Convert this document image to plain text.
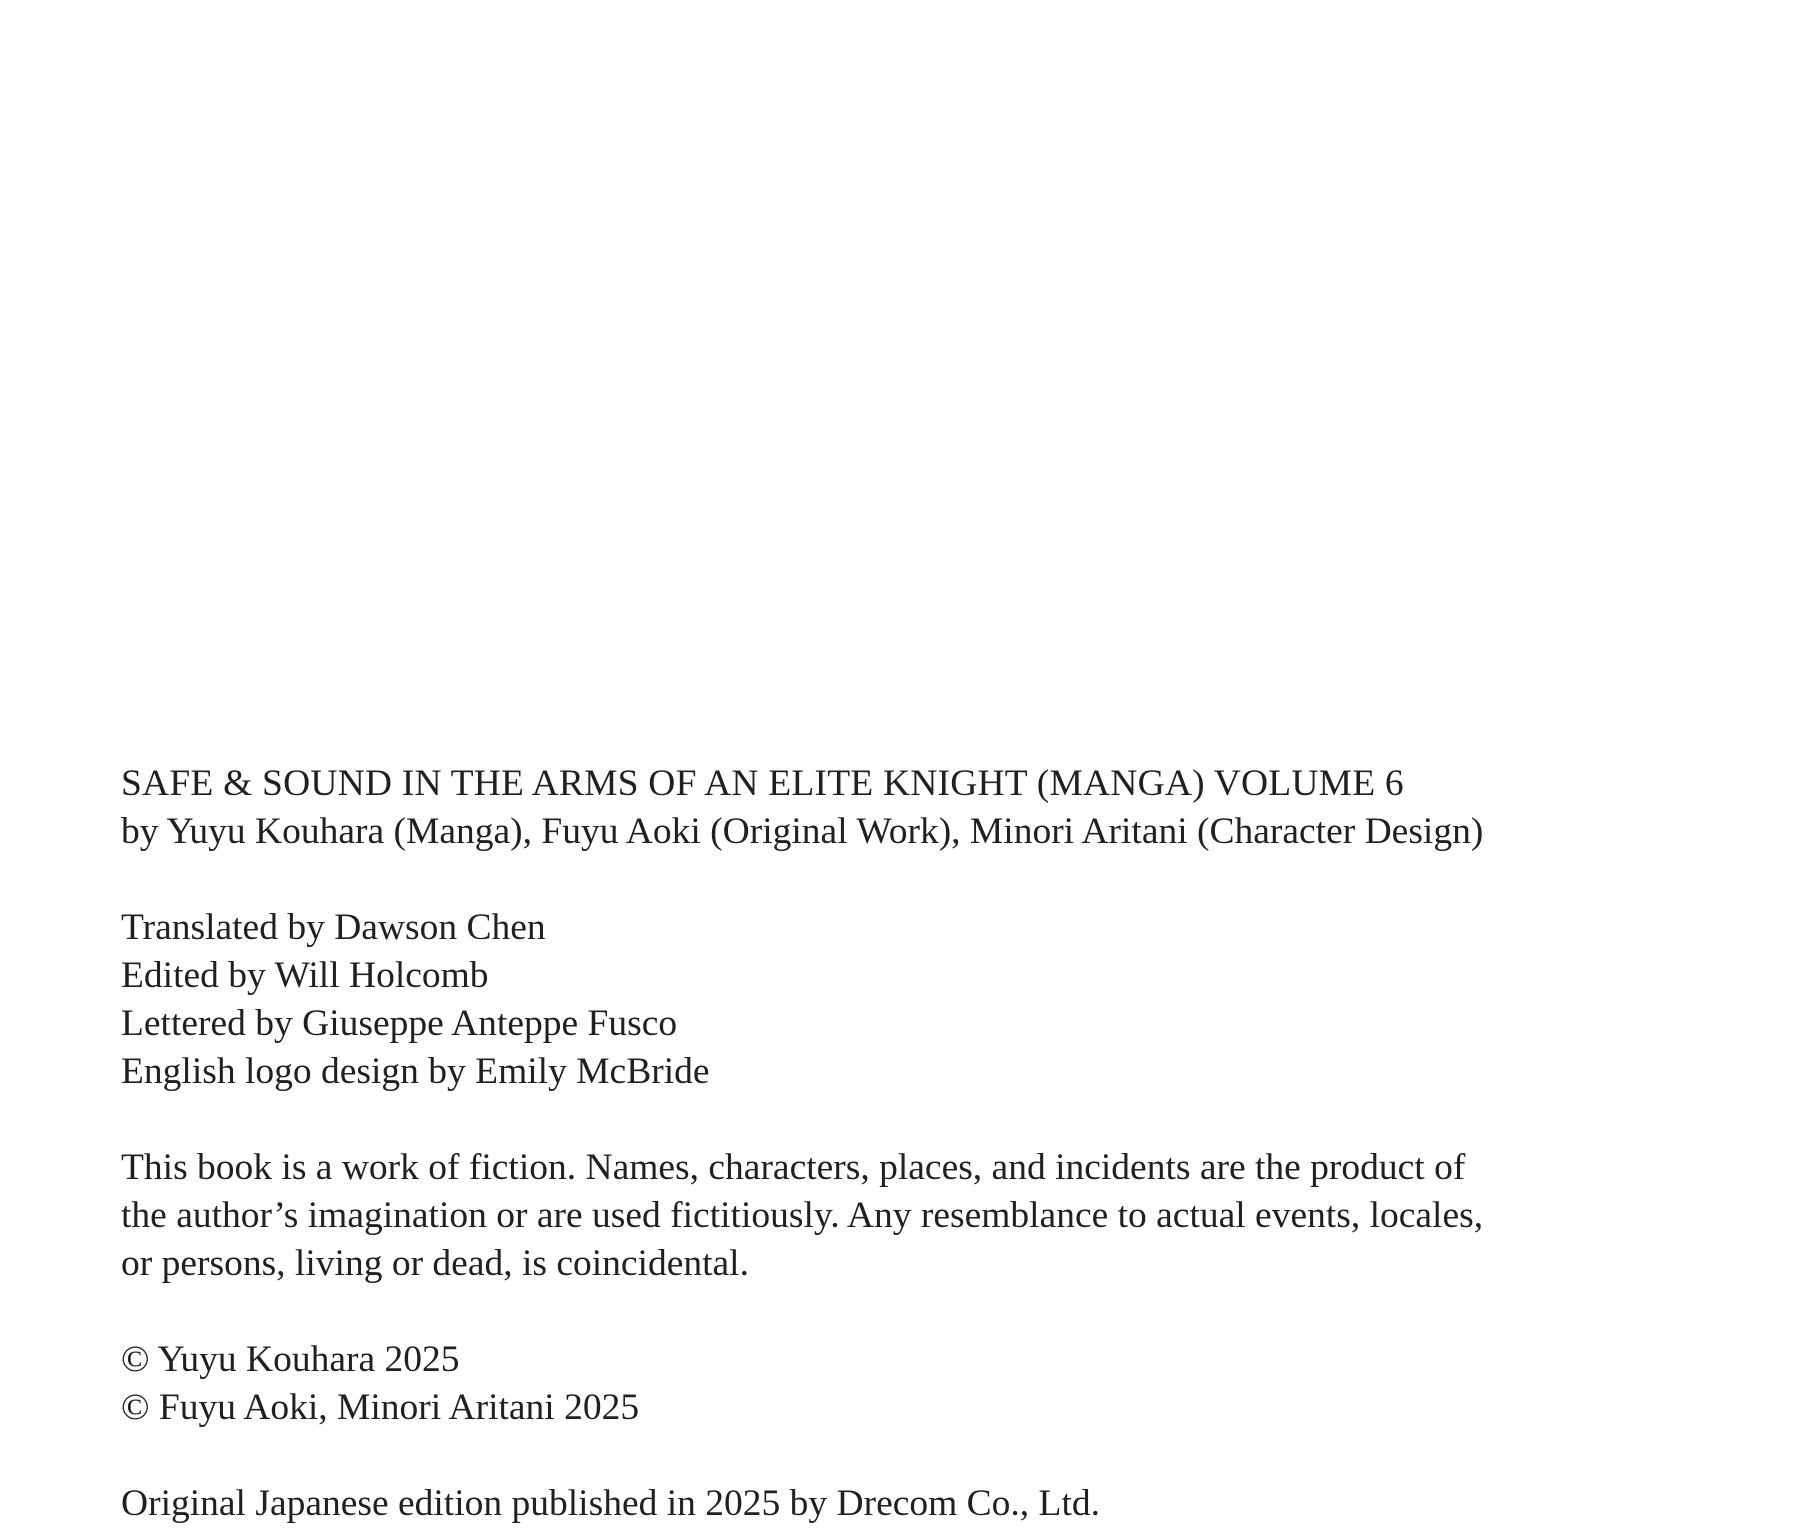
SAFE & SOUND IN THE ARMS OF AN ELITE KNIGHT (MANGA) VOLUME 6
by Yuyu Kouhara (Manga), Fuyu Aoki (Original Work), Minori Aritani (Character Design)
Translated by Dawson Chen
Edited by Will Holcomb
Lettered by Giuseppe Anteppe Fusco
English logo design by Emily McBride
This book is a work of fiction. Names, characters, places, and incidents are the product of
the author’s imagination or are used fictitiously. Any resemblance to actual events, locales,
or persons, living or dead, is coincidental.
© Yuyu Kouhara 2025
© Fuyu Aoki, Minori Aritani 2025
Original Japanese edition published in 2025 by Drecom Co., Ltd.
